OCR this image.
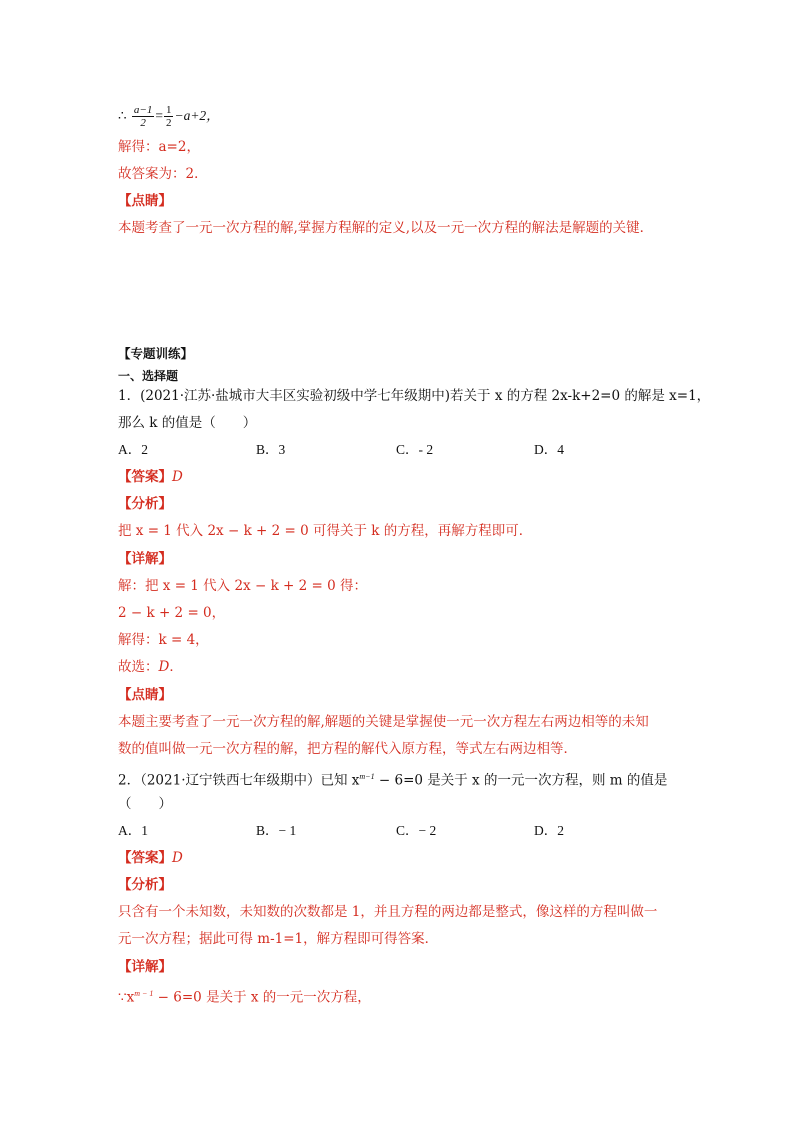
∴ $\frac{a-1}{2} = \frac{1}{2} -a+2$，
解得：a=2，
故答案为：2．
【点睛】
本题考查了一元一次方程的解,掌握方程解的定义,以及一元一次方程的解法是解题的关键．
【专题训练】
一、选择题
1．(2021·江苏·盐城市大丰区实验初级中学七年级期中)若关于 x 的方程 2x-k+2=0 的解是 x=1，
那么 k 的值是（　　）
A．2	B．3	C．- 2	D．4
【答案】D
【分析】
把 x = 1 代入 2x − k + 2 = 0 可得关于 k 的方程，再解方程即可．
【详解】
解：把 x = 1 代入 2x − k + 2 = 0 得：
2 − k + 2 = 0，
解得：k = 4，
故选：D．
【点睛】
本题主要考查了一元一次方程的解,解题的关键是掌握使一元一次方程左右两边相等的未知
数的值叫做一元一次方程的解，把方程的解代入原方程，等式左右两边相等．
2．（2021·辽宁铁西七年级期中）已知 $x^{m-1} - 6=0$ 是关于 x 的一元一次方程，则 m 的值是
（　　）
A．1	B．− 1	C．− 2	D．2
【答案】D
【分析】
只含有一个未知数，未知数的次数都是 1，并且方程的两边都是整式，像这样的方程叫做一
元一次方程；据此可得 m-1=1，解方程即可得答案．
【详解】
$\because x^{m - 1} - 6=0$ 是关于 x 的一元一次方程，
